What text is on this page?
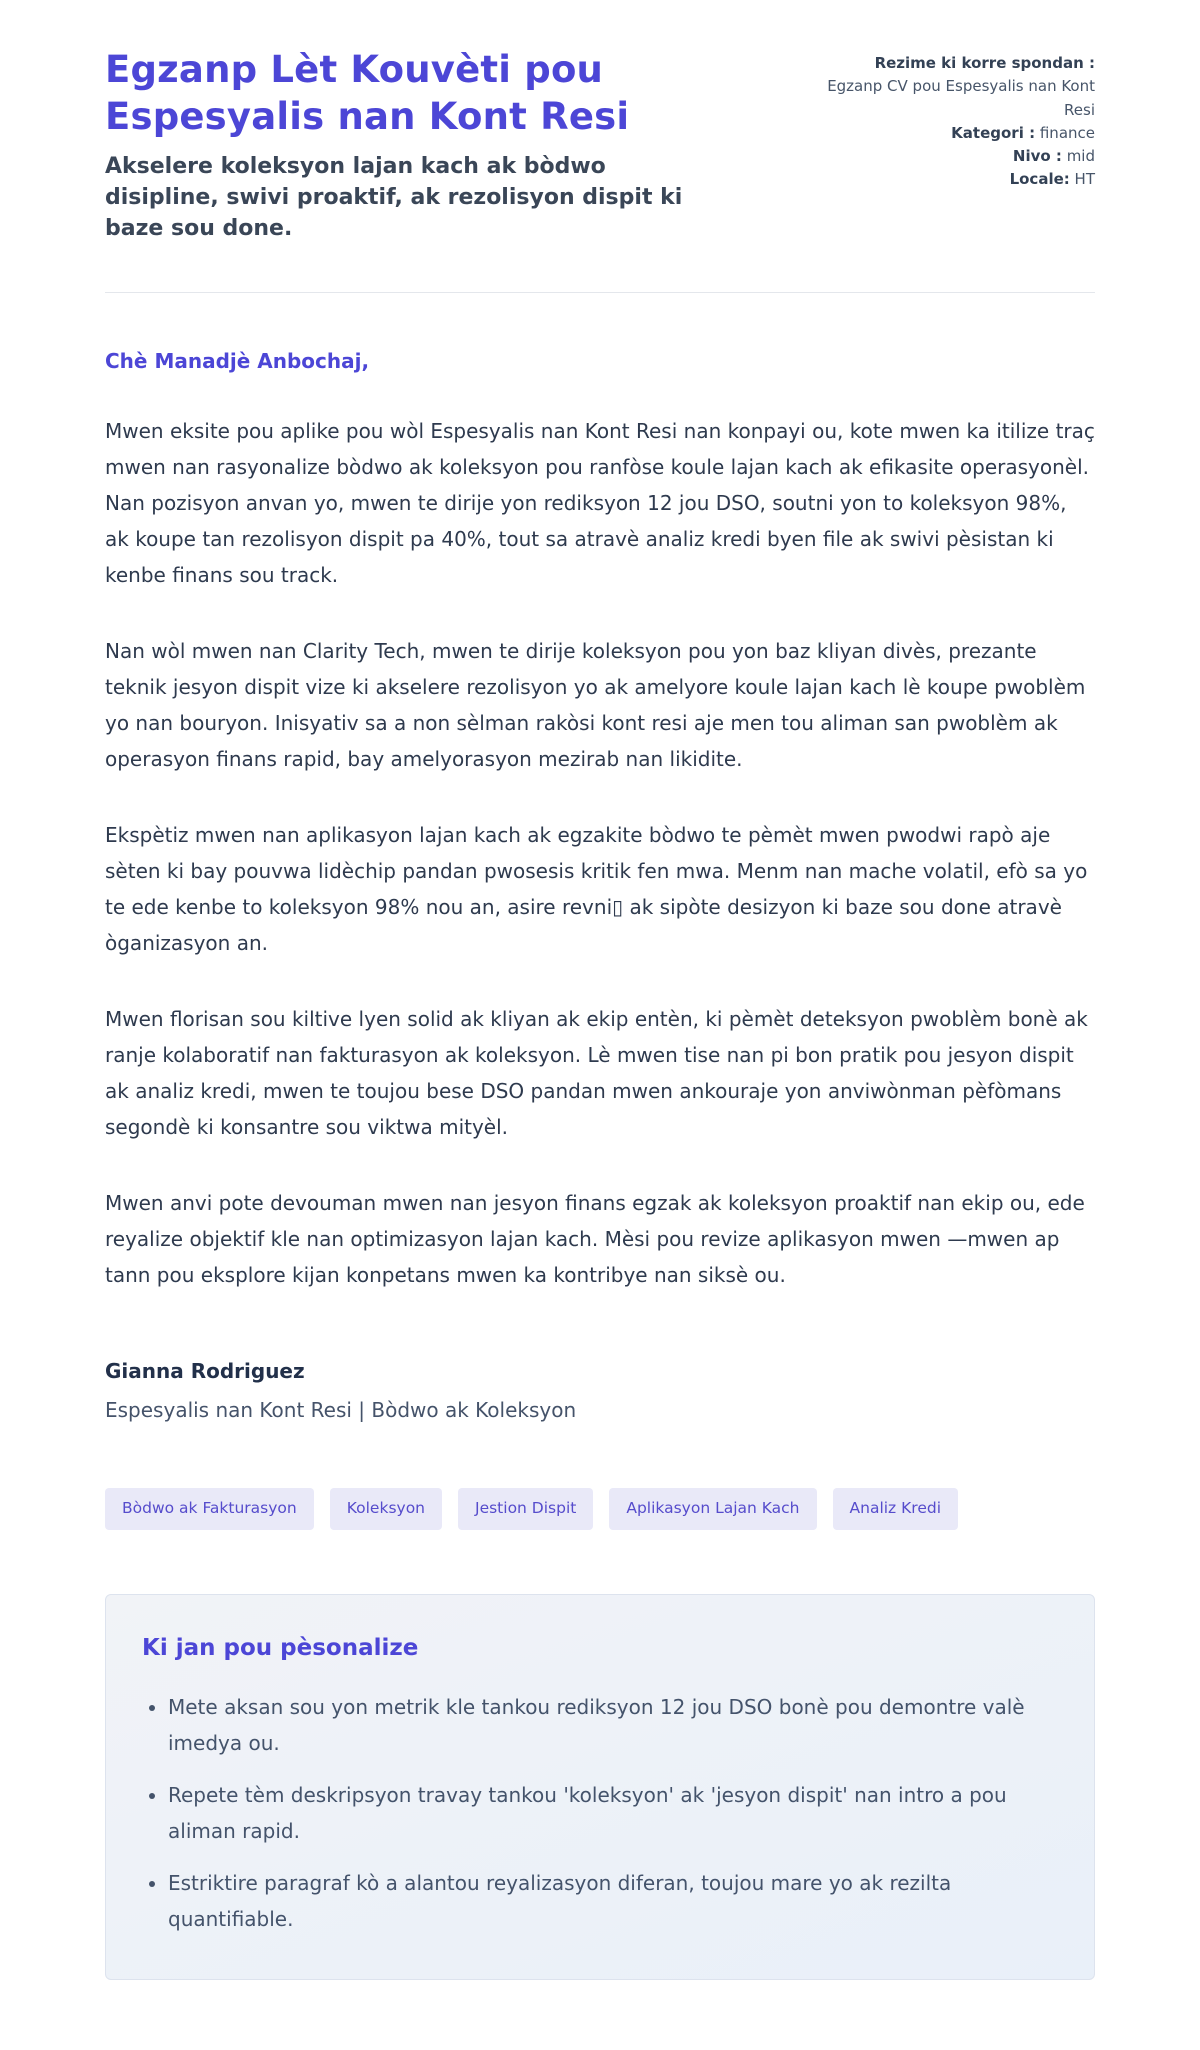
Egzanp Lèt Kouvèti pou Espesyalis nan Kont Resi

Akselere koleksyon lajan kach ak bòdwo disipline, swivi proaktif, ak rezolisyon dispit ki baze sou done.

Rezime ki korre spondan :
Egzanp CV pou Espesyalis nan Kont Resi
Kategori : finance
Nivo : mid
Locale: HT

Chè Manadjè Anbochaj,

Mwen eksite pou aplike pou wòl Espesyalis nan Kont Resi nan konpayi ou, kote mwen ka itilize traç mwen nan rasyonalize bòdwo ak koleksyon pou ranfòse koule lajan kach ak efikasite operasyonèl. Nan pozisyon anvan yo, mwen te dirije yon rediksyon 12 jou DSO, soutni yon to koleksyon 98%, ak koupe tan rezolisyon dispit pa 40%, tout sa atravè analiz kredi byen file ak swivi pèsistan ki kenbe finans sou track.

Nan wòl mwen nan Clarity Tech, mwen te dirije koleksyon pou yon baz kliyan divès, prezante teknik jesyon dispit vize ki akselere rezolisyon yo ak amelyore koule lajan kach lè koupe pwoblèm yo nan bouryon. Inisyativ sa a non sèlman rakòsi kont resi aje men tou aliman san pwoblèm ak operasyon finans rapid, bay amelyorasyon mezirab nan likidite.

Ekspètiz mwen nan aplikasyon lajan kach ak egzakite bòdwo te pèmèt mwen pwodwi rapò aje sèten ki bay pouvwa lidèchip pandan pwosesis kritik fen mwa. Menm nan mache volatil, efò sa yo te ede kenbe to koleksyon 98% nou an, asire revni▯ ak sipòte desizyon ki baze sou done atravè òganizasyon an.

Mwen florisan sou kiltive lyen solid ak kliyan ak ekip entèn, ki pèmèt deteksyon pwoblèm bonè ak ranje kolaboratif nan fakturasyon ak koleksyon. Lè mwen tise nan pi bon pratik pou jesyon dispit ak analiz kredi, mwen te toujou bese DSO pandan mwen ankouraje yon anviwònman pèfòmans segondè ki konsantre sou viktwa mityèl.

Mwen anvi pote devouman mwen nan jesyon finans egzak ak koleksyon proaktif nan ekip ou, ede reyalize objektif kle nan optimizasyon lajan kach. Mèsi pou revize aplikasyon mwen —mwen ap tann pou eksplore kijan konpetans mwen ka kontribye nan siksè ou.

Gianna Rodriguez

Espesyalis nan Kont Resi | Bòdwo ak Koleksyon

Bòdwo ak Fakturasyon	Koleksyon	Jestion Dispit	Aplikasyon Lajan Kach	Analiz Kredi
Ki jan pou pèsonalize
• Mete aksan sou yon metrik kle tankou rediksyon 12 jou DSO bonè pou demontre valè imedya ou.
• Repete tèm deskripsyon travay tankou 'koleksyon' ak 'jesyon dispit' nan intro a pou aliman rapid.
• Estriktire paragraf kò a alantou reyalizasyon diferan, toujou mare yo ak rezilta quantifiable.
